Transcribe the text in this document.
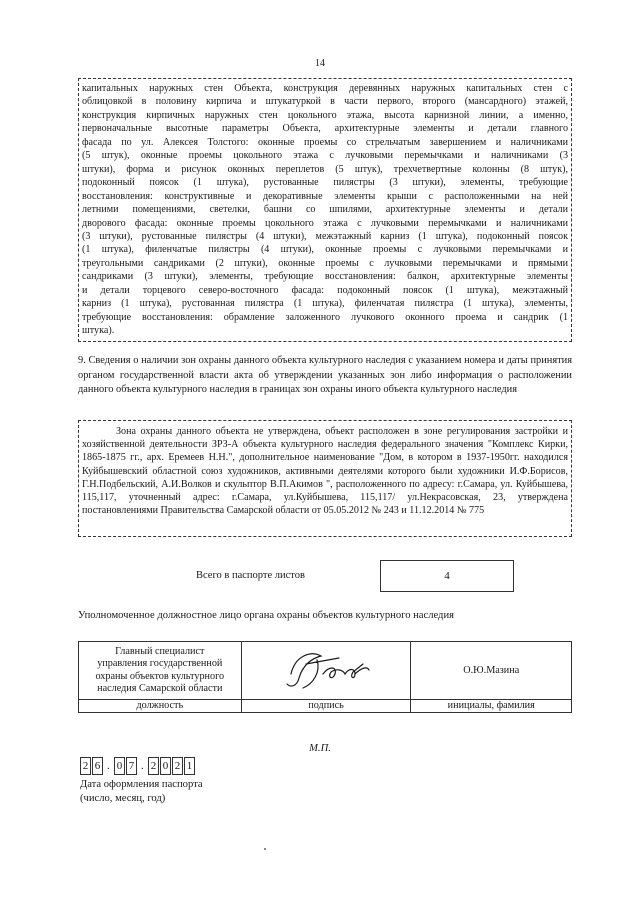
14

капитальных наружных стен Объекта, конструкция деревянных наружных капитальных стен с

облицовкой в половину кирпича и штукатуркой в части первого, второго (мансардного) этажей,

конструкция кирпичных наружных стен цокольного этажа, высота карнизной линии, а именно,

первоначальные высотные параметры Объекта, архитектурные элементы и детали главного

фасада по ул. Алексея Толстого: оконные проемы со стрельчатым завершением и наличниками

(5 штук), оконные проемы цокольного этажа с лучковыми перемычками и наличниками (3

штуки), форма и рисунок оконных переплетов (5 штук), трехчетвертные колонны (8 штук),

подоконный поясок (1 штука), рустованные пилястры (3 штуки), элементы, требующие

восстановления: конструктивные и декоративные элементы крыши с расположенными на ней

летними помещениями, светелки, башни со шпилями, архитектурные элементы и детали

дворового фасада: оконные проемы цокольного этажа с лучковыми перемычками и наличниками

(3 штуки), рустованные пилястры (4 штуки), межэтажный карниз (1 штука), подоконный поясок

(1 штука), филенчатые пилястры (4 штуки), оконные проемы с лучковыми перемычками и

треугольными сандриками (2 штуки), оконные проемы с лучковыми перемычками и прямыми

сандриками (3 штуки), элементы, требующие восстановления: балкон, архитектурные элементы

и детали торцевого северо-восточного фасада: подоконный поясок (1 штука), межэтажный

карниз (1 штука), рустованная пилястра (1 штука), филенчатая пилястра (1 штука), элементы,

требующие восстановления: обрамление заложенного лучкового оконного проема и сандрик (1

штука).

9. Сведения о наличии зон охраны данного объекта культурного наследия с указанием номера и даты принятия органом государственной власти акта об утверждении указанных зон либо информация о расположении данного объекта культурного наследия в границах зон охраны иного объекта культурного наследия

Зона охраны данного объекта не утверждена, объект расположен в зоне регулирования застройки и хозяйственной деятельности ЗРЗ-А объекта культурного наследия федерального значения "Комплекс Кирки, 1865-1875 гг., арх. Еремеев Н.Н.", дополнительное наименование "Дом, в котором в 1937-1950гг. находился Куйбышевский областной союз художников, активными деятелями которого были художники И.Ф.Борисов, Г.Н.Подбельский, А.И.Волков и скульптор В.П.Акимов ", расположенного по адресу: г.Самара, ул. Куйбышева, 115,117, уточненный адрес: г.Самара, ул.Куйбышева, 115,117/ ул.Некрасовская, 23, утверждена постановлениями Правительства Самарской области от 05.05.2012 № 243 и 11.12.2014 № 775

Всего в паспорте листов	4
Уполномоченное должностное лицо органа охраны объектов культурного наследия
Главный специалист
управления государственной
охраны объектов культурного
наследия Самарской области		О.Ю.Мазина
должность	подпись	инициалы, фамилия
М.П.
2 6 . 0 7 . 2 0 2 1
Дата оформления паспорта
(число, месяц, год)
